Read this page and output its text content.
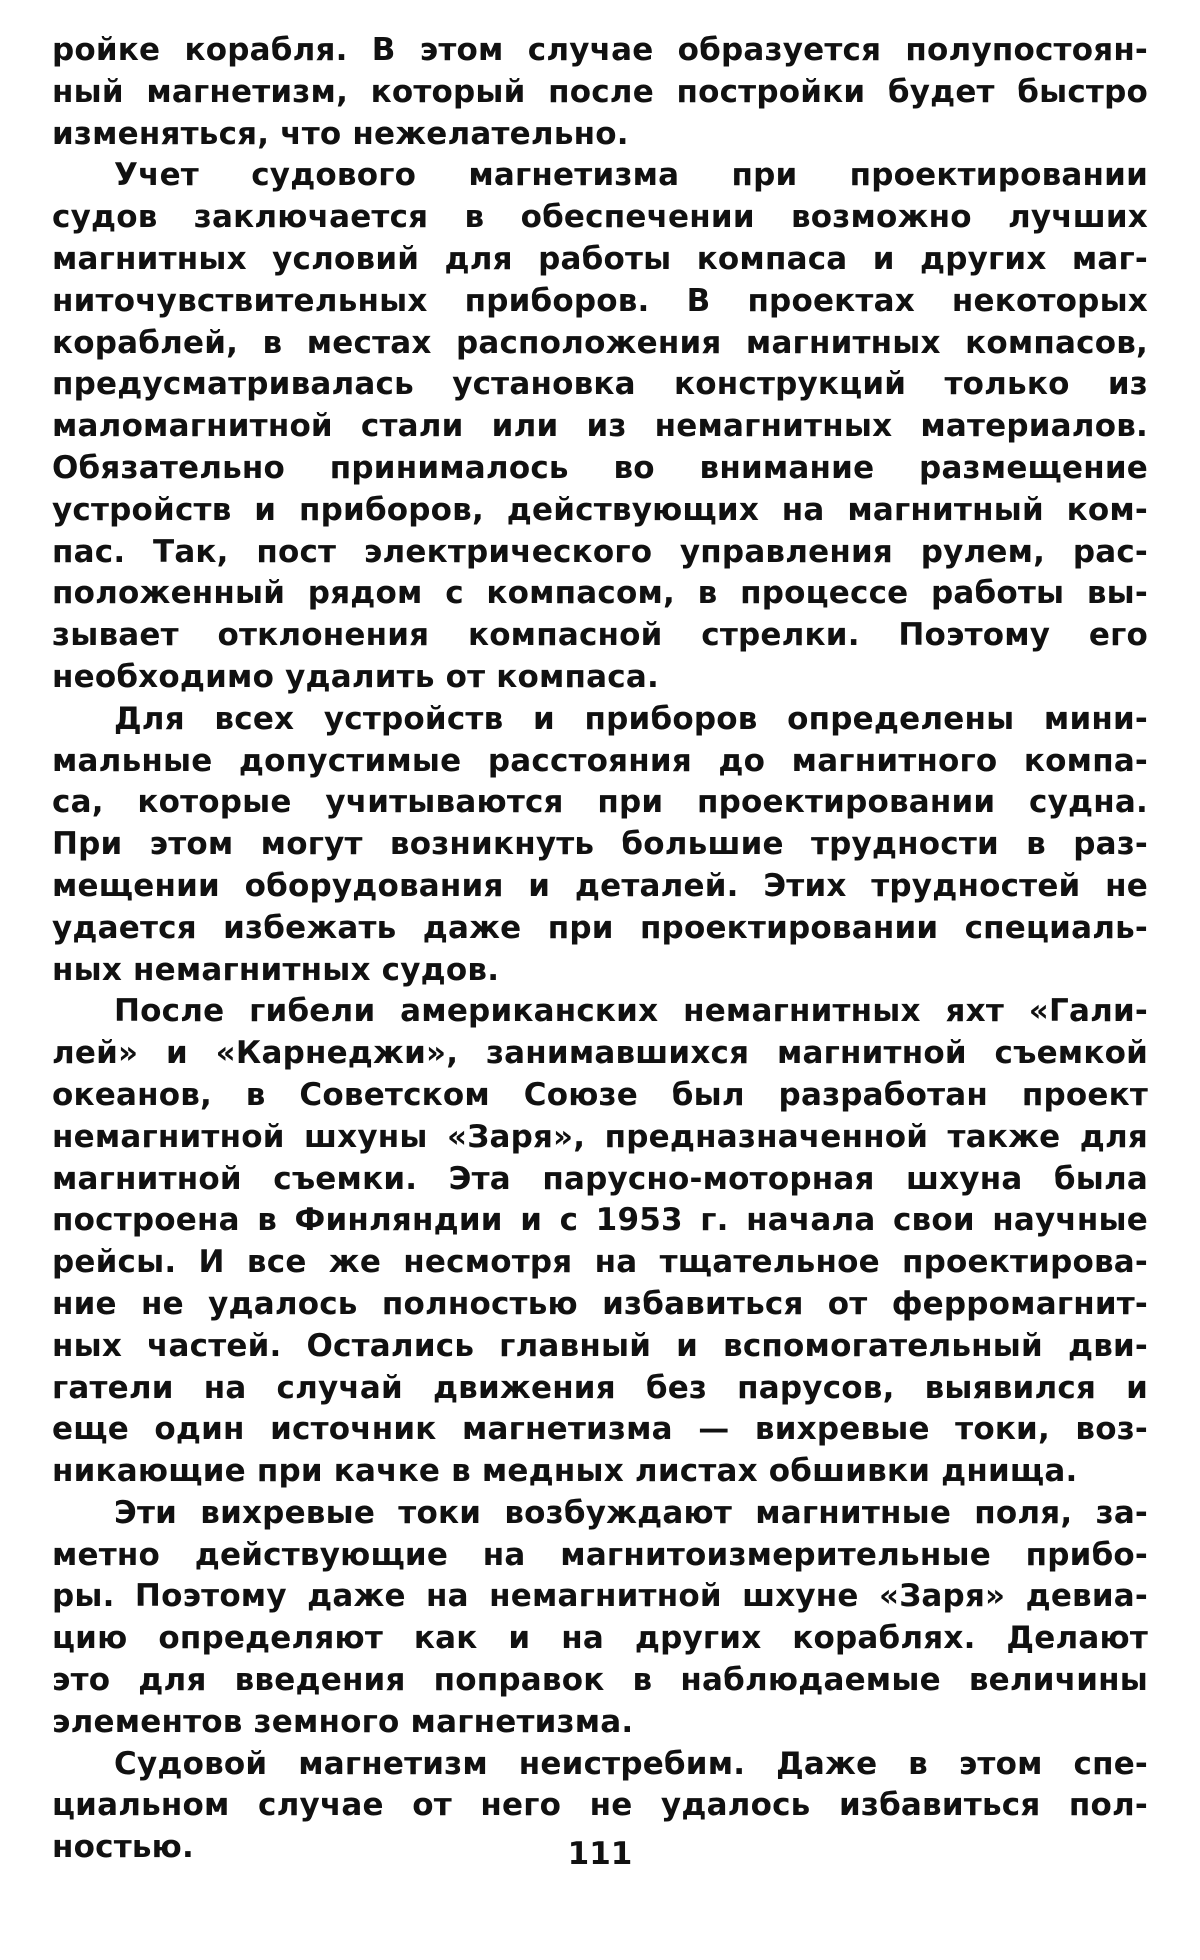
ройке корабля. В этом случае образуется полупостоян-

ный магнетизм, который после постройки будет быстро

изменяться, что нежелательно.

Учет судового магнетизма при проектировании

судов заключается в обеспечении возможно лучших

магнитных условий для работы компаса и других маг-

ниточувствительных приборов. В проектах некоторых

кораблей, в местах расположения магнитных компасов,

предусматривалась установка конструкций только из

маломагнитной стали или из немагнитных материалов.

Обязательно принималось во внимание размещение

устройств и приборов, действующих на магнитный ком-

пас. Так, пост электрического управления рулем, рас-

положенный рядом с компасом, в процессе работы вы-

зывает отклонения компасной стрелки. Поэтому его

необходимо удалить от компаса.

Для всех устройств и приборов определены мини-

мальные допустимые расстояния до магнитного компа-

са, которые учитываются при проектировании судна.

При этом могут возникнуть большие трудности в раз-

мещении оборудования и деталей. Этих трудностей не

удается избежать даже при проектировании специаль-

ных немагнитных судов.

После гибели американских немагнитных яхт «Гали-

лей» и «Карнеджи», занимавшихся магнитной съемкой

океанов, в Советском Союзе был разработан проект

немагнитной шхуны «Заря», предназначенной также для

магнитной съемки. Эта парусно-моторная шхуна была

построена в Финляндии и с 1953 г. начала свои научные

рейсы. И все же несмотря на тщательное проектирова-

ние не удалось полностью избавиться от ферромагнит-

ных частей. Остались главный и вспомогательный дви-

гатели на случай движения без парусов, выявился и

еще один источник магнетизма — вихревые токи, воз-

никающие при качке в медных листах обшивки днища.

Эти вихревые токи возбуждают магнитные поля, за-

метно действующие на магнитоизмерительные прибо-

ры. Поэтому даже на немагнитной шхуне «Заря» девиа-

цию определяют как и на других кораблях. Делают

это для введения поправок в наблюдаемые величины

элементов земного магнетизма.

Судовой магнетизм неистребим. Даже в этом спе-

циальном случае от него не удалось избавиться пол-

ностью.	111
